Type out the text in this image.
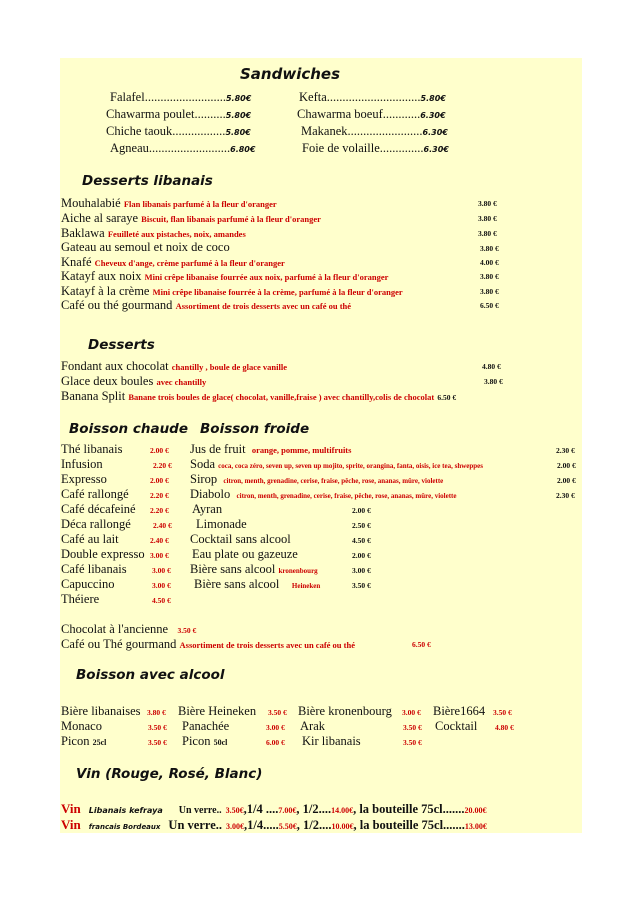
Sandwiches
Falafel..........................5.80€	Kefta..............................5.80€
Chawarma poulet..........5.80€	Chawarma boeuf............6.30€
Chiche taouk.................5.80€	Makanek........................6.30€
Agneau..........................6.80€	Foie de volaille..............6.30€
Desserts libanais
Mouhalabié Flan libanais parfumé à la fleur d'oranger	3.80 €
Aiche al saraye Biscuit, flan libanais parfumé à la fleur d'oranger	3.80 €
Baklawa Feuilleté aux pistaches, noix, amandes	3.80 €
Gateau au semoul et noix de coco	3.80 €
Knafé Cheveux d'ange, crème parfumé à la fleur d'oranger	4.00 €
Katayf aux noix Mini crêpe libanaise fourrée aux noix, parfumé à la fleur d'oranger	3.80 €
Katayf à la crème Mini crêpe libanaise fourrée à la crème, parfumé à la fleur d'oranger	3.80 €
Café ou thé gourmand Assortiment de trois desserts avec un café ou thé	6.50 €
Desserts
Fondant aux chocolat chantilly , boule de glace vanille	4.80 €
Glace deux boules avec chantilly	3.80 €
Banana Split Banane trois boules de glace( chocolat, vanille,fraise ) avec chantilly,colis de chocolat 6.50 €
Boisson chaude Boisson froide
Thé libanais	2.00 €
Infusion	2.20 €
Expresso	2.00 €
Café rallongé	2.20 €
Café décafeiné 2.20 €
Déca rallongé	2.40 €
Café au lait	2.40 €
Double expresso 3.00 €
Café libanais	3.00 €
Capuccino	3.00 €
Théiere	4.50 €
Jus de fruit orange, pomme, multifruits	2.30 €
Soda coca, coca zéro, seven up, seven up mojito, sprite, orangina, fanta, oisis, ice tea, shweppes	2.00 €
Sirop citron, menth, grenadine, cerise, fraise, pêche, rose, ananas, mûre, violette	2.00 €
Diabolo citron, menth, grenadine, cerise, fraise, pêche, rose, ananas, mûre, violette	2.30 €
Ayran	2.00 €
Limonade	2.50 €
Cocktail sans alcool	4.50 €
Eau plate ou gazeuze	2.00 €
Bière sans alcool kronenbourg	3.00 €
Bière sans alcool Heineken	3.50 €
Chocolat à l'ancienne 3.50 €
Café ou Thé gourmand Assortiment de trois desserts avec un café ou thé	6.50 €
Boisson avec alcool
Bière libanaises 3.80 € Bière Heineken 3.50 € Bière kronenbourg 3.00 € Bière1664 3.50 €
Monaco	3.50 € Panachée	3.00 € Arak	3.50 € Cocktail 4.80 €
Picon 25cl	3.50 € Picon 50cl	6.00 € Kir libanais	3.50 €
Vin (Rouge, Rosé, Blanc)
Vin Libanais kefraya Un verre.. 3.50€,1/4 ....7.00€, 1/2....14.00€, la bouteille 75cl.......20.00€
Vin francais Bordeaux Un verre.. 3.00€,1/4.....5.50€, 1/2....10.00€, la bouteille 75cl.......13.00€
